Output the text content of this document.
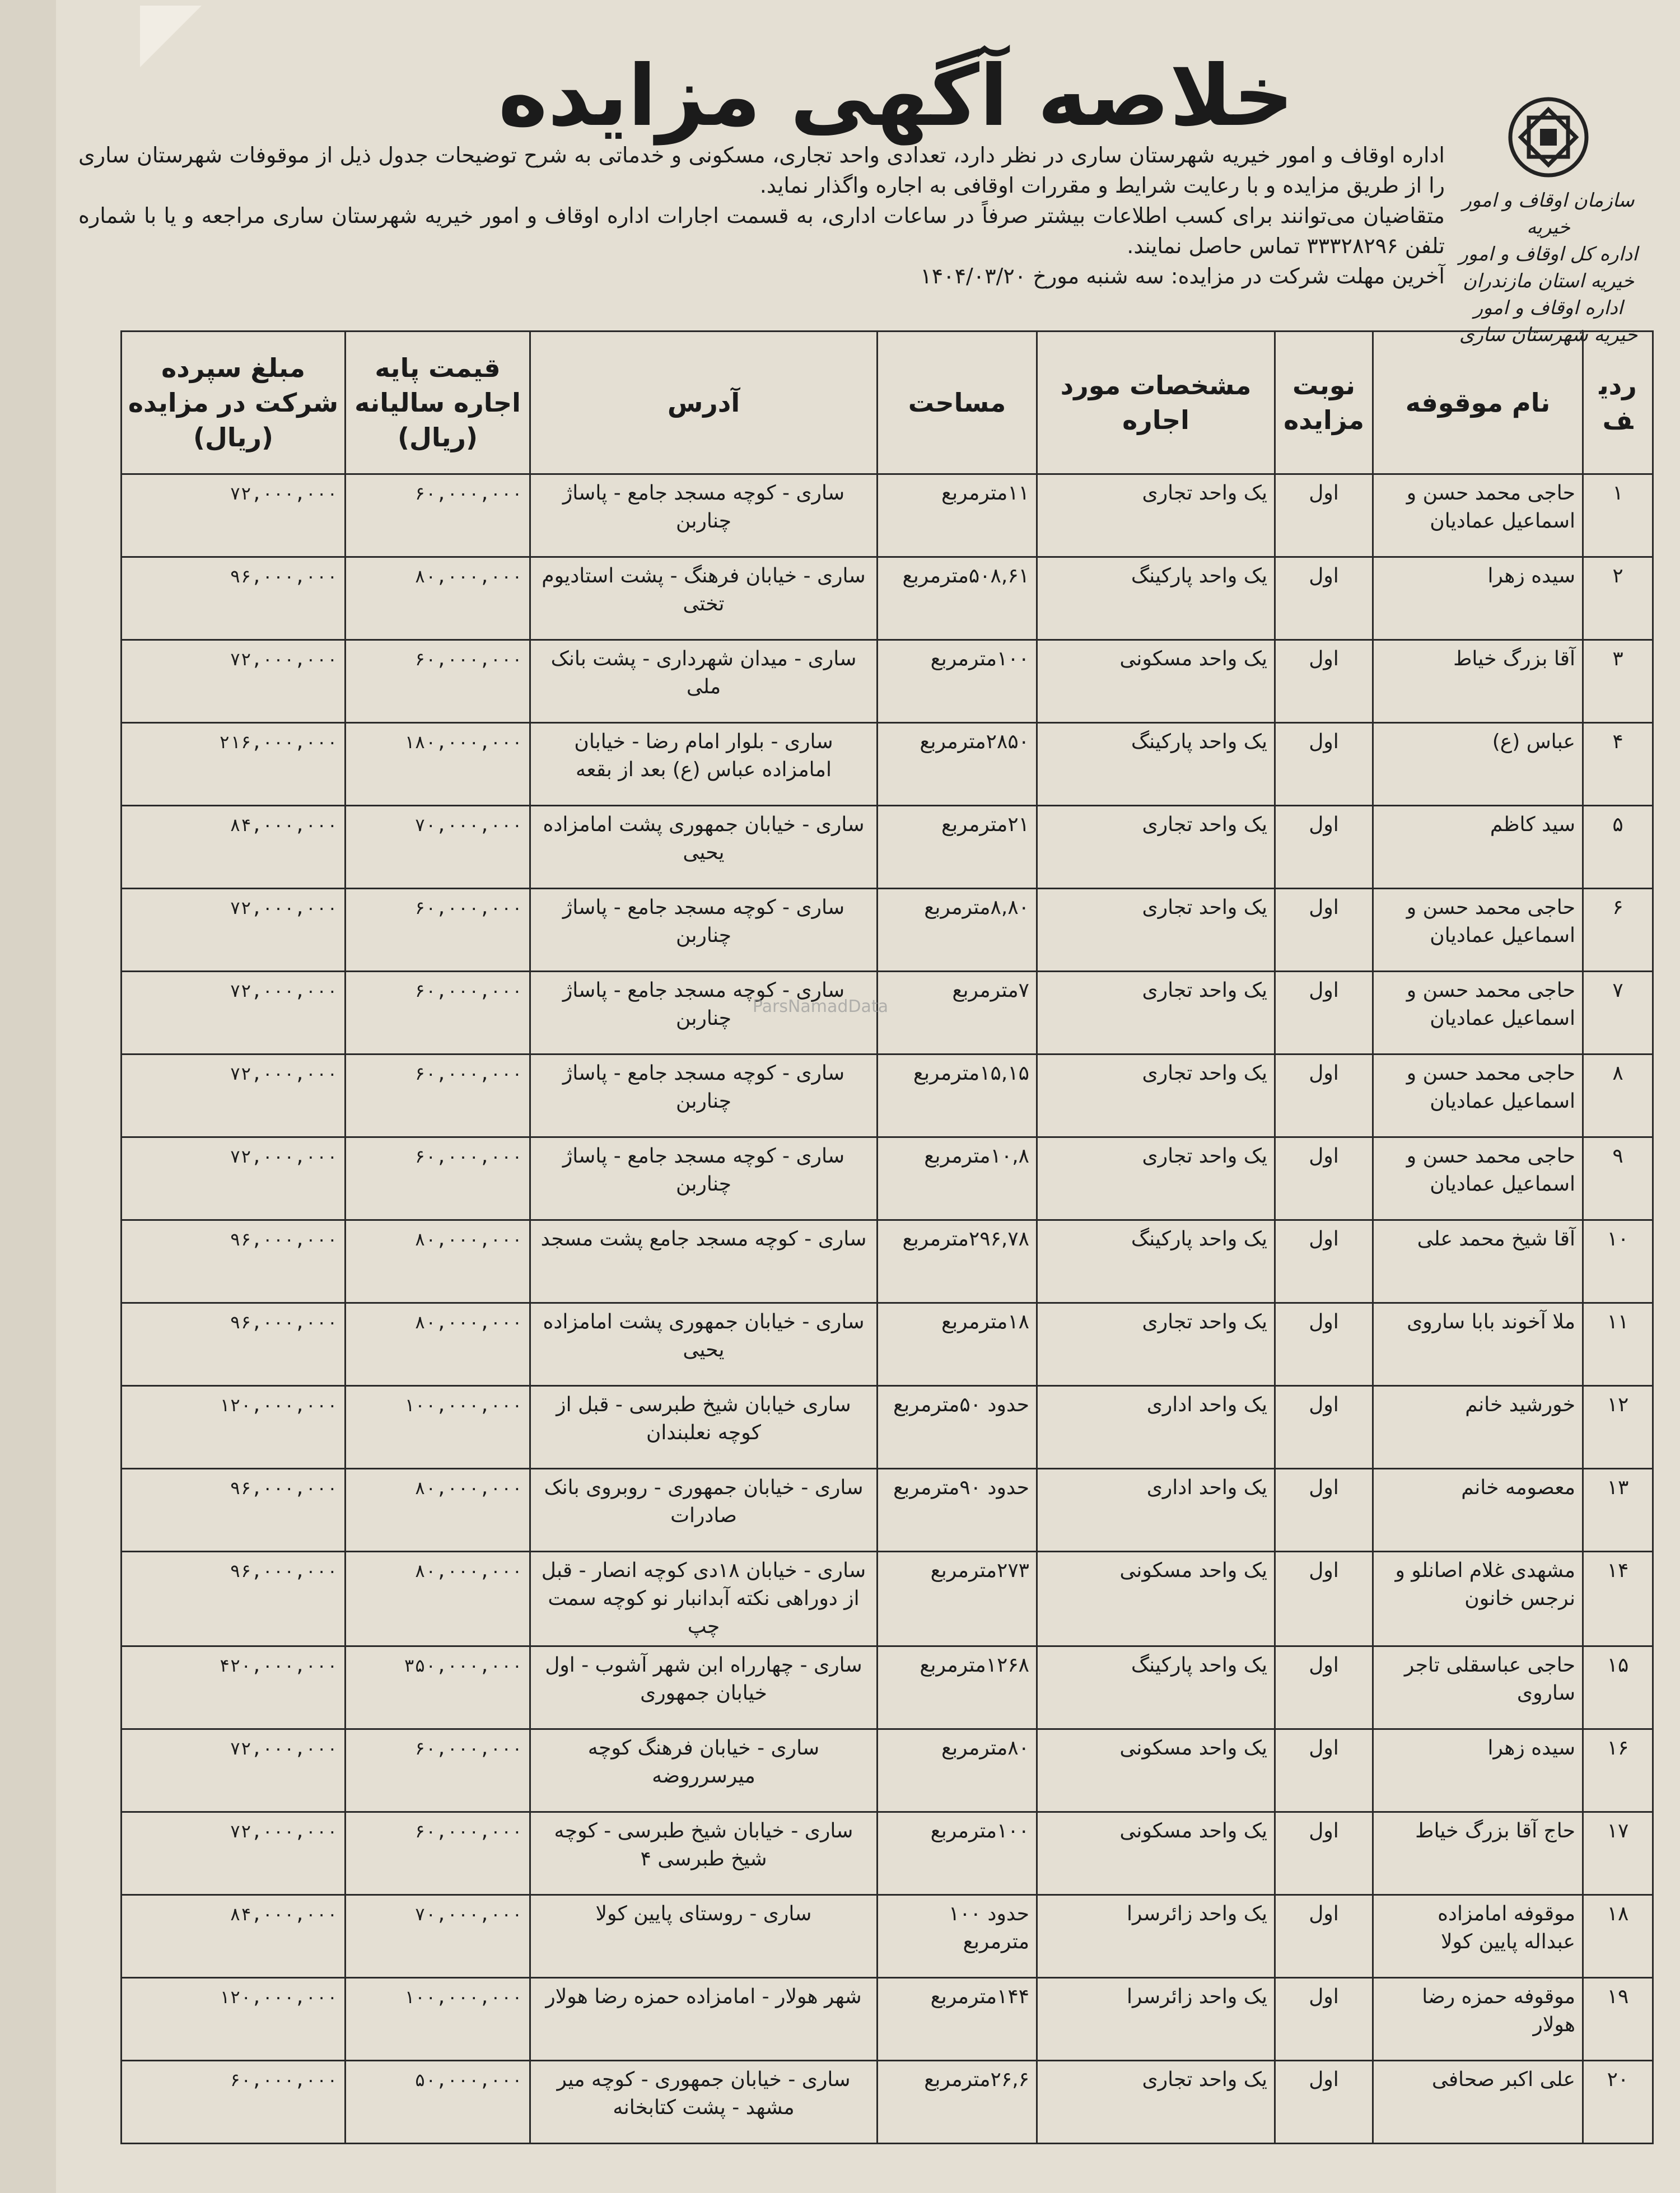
سازمان اوقاف و امور خیریه
اداره کل اوقاف و امور خیریه استان مازندران
اداره اوقاف و امور خیریه شهرستان ساری
خلاصه آگهی مزایده

اداره اوقاف و امور خیریه شهرستان ساری در نظر دارد، تعدادی واحد تجاری، مسکونی و خدماتی به شرح توضیحات جدول ذیل از موقوفات شهرستان ساری را از طریق مزایده و با رعایت شرایط و مقررات اوقافی به اجاره واگذار نماید.

متقاضیان می‌توانند برای کسب اطلاعات بیشتر صرفاً در ساعات اداری، به قسمت اجارات اداره اوقاف و امور خیریه شهرستان ساری مراجعه و یا با شماره تلفن ۳۳۳۲۸۲۹۶ تماس حاصل نمایند.

آخرین مهلت شرکت در مزایده: سه شنبه مورخ ۱۴۰۴/۰۳/۲۰

ردیف	نام موقوفه	نوبت مزایده	مشخصات مورد اجاره	مساحت	آدرس	قیمت پایه اجاره سالیانه (ریال)	مبلغ سپرده شرکت در مزایده (ریال)
۱	حاجی محمد حسن و اسماعیل عمادیان	اول	یک واحد تجاری	۱۱مترمربع	ساری - کوچه مسجد جامع - پاساژ چناربن	۶۰,۰۰۰,۰۰۰	۷۲,۰۰۰,۰۰۰
۲	سیده زهرا	اول	یک واحد پارکینگ	۵۰۸,۶۱مترمربع	ساری - خیابان فرهنگ - پشت استادیوم تختی	۸۰,۰۰۰,۰۰۰	۹۶,۰۰۰,۰۰۰
۳	آقا بزرگ خیاط	اول	یک واحد مسکونی	۱۰۰مترمربع	ساری - میدان شهرداری - پشت بانک ملی	۶۰,۰۰۰,۰۰۰	۷۲,۰۰۰,۰۰۰
۴	عباس (ع)	اول	یک واحد پارکینگ	۲۸۵۰مترمربع	ساری - بلوار امام رضا - خیابان امامزاده عباس (ع) بعد از بقعه	۱۸۰,۰۰۰,۰۰۰	۲۱۶,۰۰۰,۰۰۰
۵	سید کاظم	اول	یک واحد تجاری	۲۱مترمربع	ساری - خیابان جمهوری پشت امامزاده یحیی	۷۰,۰۰۰,۰۰۰	۸۴,۰۰۰,۰۰۰
۶	حاجی محمد حسن و اسماعیل عمادیان	اول	یک واحد تجاری	۸,۸۰مترمربع	ساری - کوچه مسجد جامع - پاساژ چناربن	۶۰,۰۰۰,۰۰۰	۷۲,۰۰۰,۰۰۰
۷	حاجی محمد حسن و اسماعیل عمادیان	اول	یک واحد تجاری	۷مترمربع	ساری - کوچه مسجد جامع - پاساژ چناربن	۶۰,۰۰۰,۰۰۰	۷۲,۰۰۰,۰۰۰
۸	حاجی محمد حسن و اسماعیل عمادیان	اول	یک واحد تجاری	۱۵,۱۵مترمربع	ساری - کوچه مسجد جامع - پاساژ چناربن	۶۰,۰۰۰,۰۰۰	۷۲,۰۰۰,۰۰۰
۹	حاجی محمد حسن و اسماعیل عمادیان	اول	یک واحد تجاری	۱۰,۸مترمربع	ساری - کوچه مسجد جامع - پاساژ چناربن	۶۰,۰۰۰,۰۰۰	۷۲,۰۰۰,۰۰۰
۱۰	آقا شیخ محمد علی	اول	یک واحد پارکینگ	۲۹۶,۷۸مترمربع	ساری - کوچه مسجد جامع پشت مسجد	۸۰,۰۰۰,۰۰۰	۹۶,۰۰۰,۰۰۰
۱۱	ملا آخوند بابا ساروی	اول	یک واحد تجاری	۱۸مترمربع	ساری - خیابان جمهوری پشت امامزاده یحیی	۸۰,۰۰۰,۰۰۰	۹۶,۰۰۰,۰۰۰
۱۲	خورشید خانم	اول	یک واحد اداری	حدود ۵۰مترمربع	ساری خیابان شیخ طبرسی - قبل از کوچه نعلبندان	۱۰۰,۰۰۰,۰۰۰	۱۲۰,۰۰۰,۰۰۰
۱۳	معصومه خانم	اول	یک واحد اداری	حدود ۹۰مترمربع	ساری - خیابان جمهوری - روبروی بانک صادرات	۸۰,۰۰۰,۰۰۰	۹۶,۰۰۰,۰۰۰
۱۴	مشهدی غلام اصانلو و نرجس خانون	اول	یک واحد مسکونی	۲۷۳مترمربع	ساری - خیابان ۱۸دی کوچه انصار - قبل از دوراهی نکته آبدانبار نو کوچه سمت چپ	۸۰,۰۰۰,۰۰۰	۹۶,۰۰۰,۰۰۰
۱۵	حاجی عباسقلی تاجر ساروی	اول	یک واحد پارکینگ	۱۲۶۸مترمربع	ساری - چهارراه ابن شهر آشوب - اول خیابان جمهوری	۳۵۰,۰۰۰,۰۰۰	۴۲۰,۰۰۰,۰۰۰
۱۶	سیده زهرا	اول	یک واحد مسکونی	۸۰مترمربع	ساری - خیابان فرهنگ کوچه میرسرروضه	۶۰,۰۰۰,۰۰۰	۷۲,۰۰۰,۰۰۰
۱۷	حاج آقا بزرگ خیاط	اول	یک واحد مسکونی	۱۰۰مترمربع	ساری - خیابان شیخ طبرسی - کوچه شیخ طبرسی ۴	۶۰,۰۰۰,۰۰۰	۷۲,۰۰۰,۰۰۰
۱۸	موقوفه امامزاده عبداله پایین کولا	اول	یک واحد زائرسرا	حدود ۱۰۰ مترمربع	ساری - روستای پایین کولا	۷۰,۰۰۰,۰۰۰	۸۴,۰۰۰,۰۰۰
۱۹	موقوفه حمزه رضا هولار	اول	یک واحد زائرسرا	۱۴۴مترمربع	شهر هولار - امامزاده حمزه رضا هولار	۱۰۰,۰۰۰,۰۰۰	۱۲۰,۰۰۰,۰۰۰
۲۰	علی اکبر صحافی	اول	یک واحد تجاری	۲۶,۶مترمربع	ساری - خیابان جمهوری - کوچه میر مشهد - پشت کتابخانه	۵۰,۰۰۰,۰۰۰	۶۰,۰۰۰,۰۰۰
ParsNamadData
